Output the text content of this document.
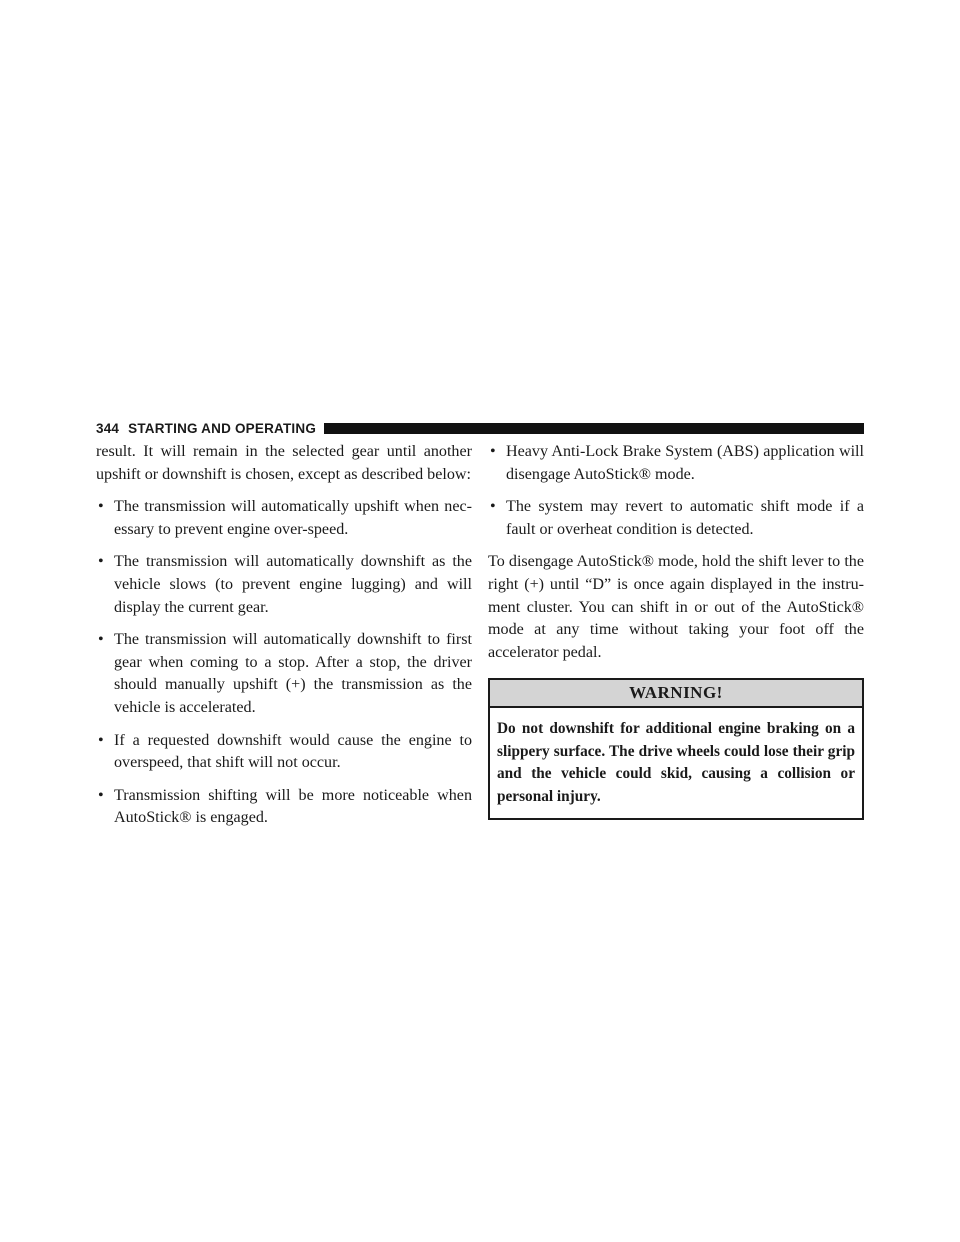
344 STARTING AND OPERATING

result. It will remain in the selected gear until another upshift or downshift is chosen, except as described below:

• The transmission will automatically upshift when nec-essary to prevent engine over-speed.
• The transmission will automatically downshift as the vehicle slows (to prevent engine lugging) and will display the current gear.
• The transmission will automatically downshift to first gear when coming to a stop. After a stop, the driver should manually upshift (+) the transmission as the vehicle is accelerated.
• If a requested downshift would cause the engine to overspeed, that shift will not occur.
• Transmission shifting will be more noticeable when AutoStick® is engaged.
• Heavy Anti-Lock Brake System (ABS) application will disengage AutoStick® mode.
• The system may revert to automatic shift mode if a fault or overheat condition is detected.

To disengage AutoStick® mode, hold the shift lever to the right (+) until “D” is once again displayed in the instru-ment cluster. You can shift in or out of the AutoStick® mode at any time without taking your foot off the accelerator pedal.

WARNING!
Do not downshift for additional engine braking on a slippery surface. The drive wheels could lose their grip and the vehicle could skid, causing a collision or personal injury.
